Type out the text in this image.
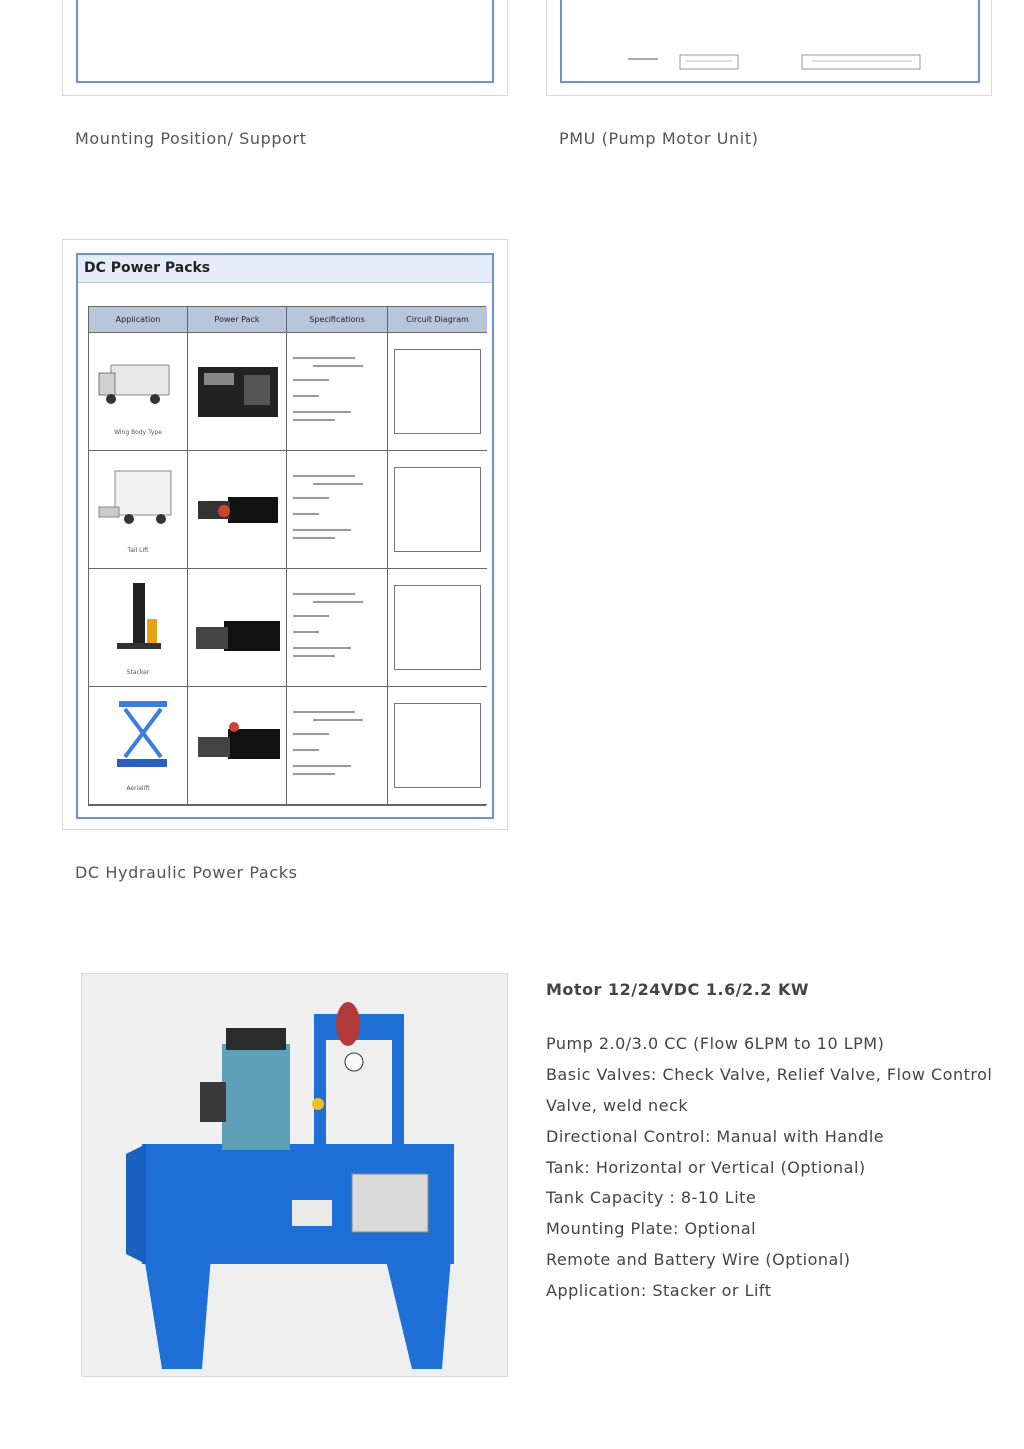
Mounting Position/ Support	PMU (Pump Motor Unit)
DC Power Packs
Application	Power Pack	Specifications	Circuit Diagram
Wing Body Type
Tail Lift
Stacker
Aerialift
DC Hydraulic Power Packs
Motor 12/24VDC 1.6/2.2 KW
Pump 2.0/3.0 CC (Flow 6LPM to 10 LPM)
Basic Valves: Check Valve, Relief Valve, Flow Control
Valve, weld neck
Directional Control: Manual with Handle
Tank: Horizontal or Vertical (Optional)
Tank Capacity : 8-10 Lite
Mounting Plate: Optional
Remote and Battery Wire (Optional)
Application: Stacker or Lift
